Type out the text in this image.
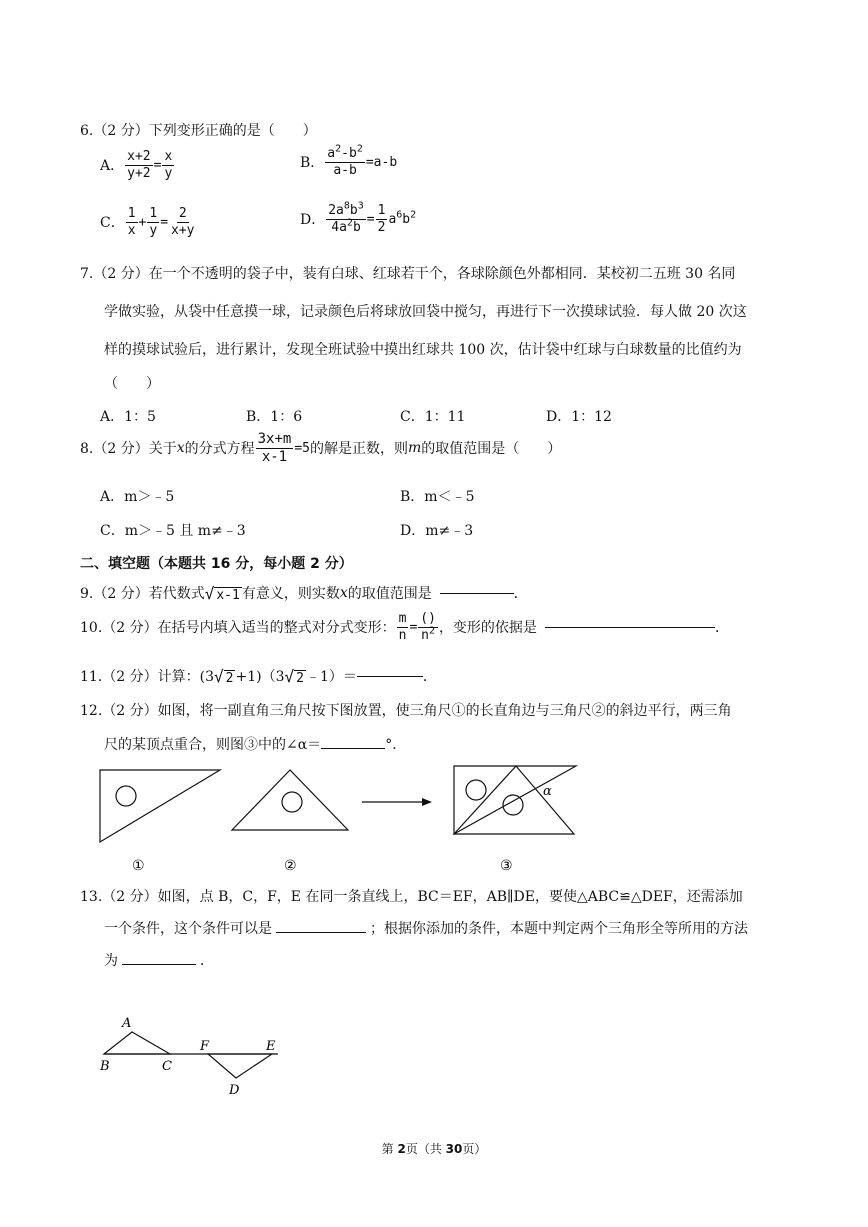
6.（2 分）下列变形正确的是（　　）
A． $\frac{x+2}{y+2} = \frac{x}{y}$	B． $\frac{a^2-b^2}{a-b} =a-b$
C． $\frac{1}{x} + \frac{1}{y} = \frac{2}{x+y}$	D． $\frac{2a^8b^3}{4a^2b} = \frac{1}{2} a^6b^2$
7.（2 分）在一个不透明的袋子中，装有白球、红球若干个，各球除颜色外都相同．某校初二五班 30 名同
学做实验，从袋中任意摸一球，记录颜色后将球放回袋中搅匀，再进行下一次摸球试验．每人做 20 次这
样的摸球试验后，进行累计，发现全班试验中摸出红球共 100 次，估计袋中红球与白球数量的比值约为
（　　）
A．1：5	B．1：6	C．1：11	D．1：12
8.（2 分）关于 x 的分式方程 $\frac{3x+m}{x-1} =5$ 的解是正数，则 m 的取值范围是（　　）
A．m＞﹣5	B．m＜﹣5
C．m＞﹣5 且 m≠﹣3	D．m≠﹣3
二、填空题（本题共 16 分，每小题 2 分）
9.（2 分）若代数式 √ x-1 有意义，则实数 x 的取值范围是	．
10.（2 分）在括号内填入适当的整式对分式变形： $\frac{m}{n} = \frac{()}{n^2}$ ，变形的依据是	．
11.（2 分）计算：(3 √ 2 +1)（3 √ 2 ﹣1）＝	．
12.（2 分）如图，将一副直角三角尺按下图放置，使三角尺①的长直角边与三角尺②的斜边平行，两三角
尺的某顶点重合，则图③中的∠α＝	°．
α
①	②	③
13.（2 分）如图，点 B，C，F，E 在同一条直线上，BC＝EF，AB∥DE，要使△ABC≌△DEF，还需添加
一个条件，这个条件可以是	；根据你添加的条件，本题中判定两个三角形全等所用的方法
为	．
A
B	C
F	E
D
第 2页（共 30页）
